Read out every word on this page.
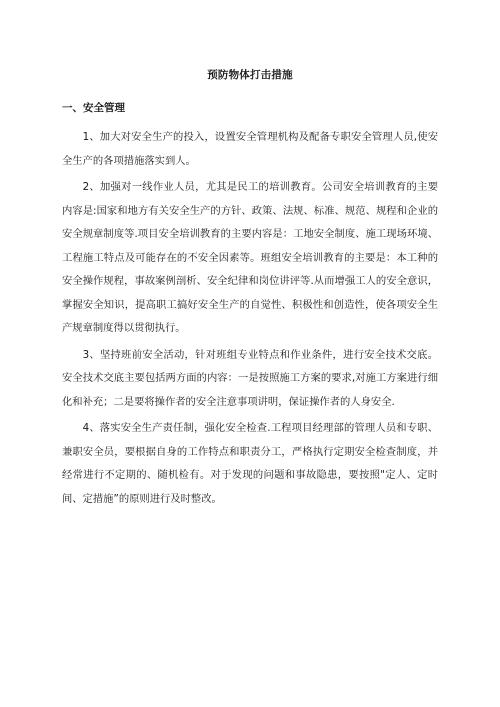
预防物体打击措施
一、安全管理

1、加大对安全生产的投入，设置安全管理机构及配备专职安全管理人员,使安全生产的各项措施落实到人。

2、加强对一线作业人员，尤其是民工的培训教育。公司安全培训教育的主要内容是:国家和地方有关安全生产的方针、政策、法规、标准、规范、规程和企业的安全规章制度等.项目安全培训教育的主要内容是：工地安全制度、施工现场环境、工程施工特点及可能存在的不安全因素等。班组安全培训教育的主要是：本工种的安全操作规程，事故案例剖析、安全纪律和岗位讲评等.从而增强工人的安全意识，掌握安全知识，提高职工搞好安全生产的自觉性、积极性和创造性，使各项安全生产规章制度得以贯彻执行。

3、坚持班前安全活动，针对班组专业特点和作业条件，进行安全技术交底。安全技术交底主要包括两方面的内容：一是按照施工方案的要求,对施工方案进行细化和补充；二是要将操作者的安全注意事项讲明，保证操作者的人身安全.

4、落实安全生产责任制，强化安全检查.工程项目经理部的管理人员和专职、兼职安全员，要根据自身的工作特点和职责分工，严格执行定期安全检查制度，并经常进行不定期的、随机检有。对于发现的问题和事故隐患，要按照"定人、定时间、定措施”的原则进行及时整改。
